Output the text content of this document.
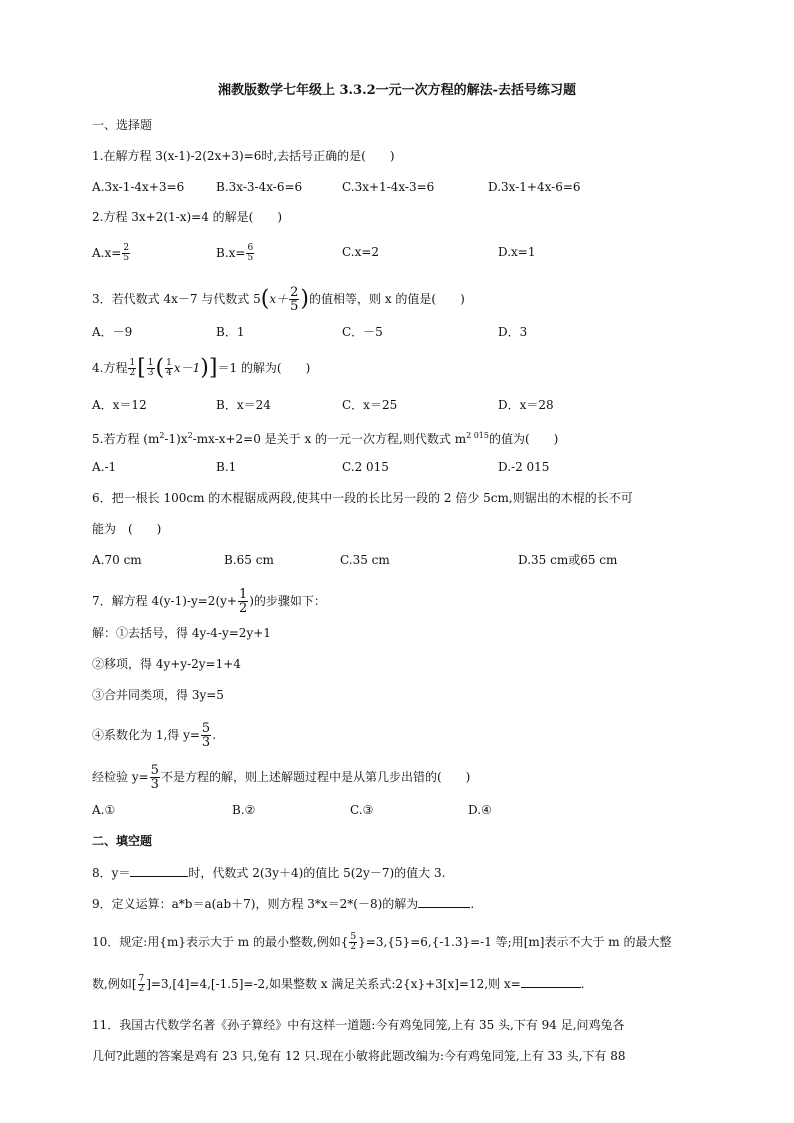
湘教版数学七年级上 3.3.2一元一次方程的解法-去括号练习题
一、选择题
1.在解方程 3(x-1)-2(2x+3)=6时,去括号正确的是(　　)
A.3x-1-4x+3=6	B.3x-3-4x-6=6	C.3x+1-4x-3=6	D.3x-1+4x-6=6
2.方程 3x+2(1-x)=4 的解是(　　)
$A.x= \frac{2}{5}$	$B.x= \frac{6}{5}$	C.x=2	D.x=1
3．若代数式 4x－7 与代数式 $5(x+ \frac{2}{5}$ )的值相等，则 x 的值是(　　)
A．－9	B．1	C．－5	D．3
4.方程 $\frac{1}{2}$ [ $\frac{1}{3}$ ( $\frac{1}{4} x-1)]=1$ 的解为(　　)
A．x＝12	B．x＝24	C．x＝25	D．x＝28
5.若方程 $(m^2-1)x^2-mx-x+2=0$ 是关于 x 的一元一次方程,则代数式 $m^{2 015}$的值为(　　)
A.-1	B.1	C.2 015	D.-2 015
6．把一根长 100cm 的木棍锯成两段,使其中一段的长比另一段的 2 倍少 5cm,则锯出的木棍的长不可
能为　(　　)
A.70 cm	B.65 cm	C.35 cm	D.35 cm或65 cm
7．解方程 $4(y-1)-y=2(y+ \frac{1}{2}$ )的步骤如下：
解：①去括号，得 4y-4-y=2y+1
②移项，得 4y+y-2y=1+4
③合并同类项，得 3y=5
④系数化为 1,得 $y= \frac{5}{3}$ .
经检验 $y= \frac{5}{3}$ 不是方程的解，则上述解题过程中是从第几步出错的(　　)
A.①	B.②	C.③	D.④
二、填空题
8．y＝	时，代数式 2(3y＋4)的值比 5(2y－7)的值大 3.
9．定义运算：a*b＝a(ab＋7)，则方程 3*x＝2*(－8)的解为	.
10．规定:用{m}表示大于 m 的最小整数,例如{ $\frac{5}{2} \}=3,\{5\}=6,\{-1.3\}=-1$ 等;用[m]表示不大于 m 的最大整
数,例如[ $\frac{7}{2} ]=3,[4]=4,[-1.5]=-2$,如果整数 x 满足关系式:2{x}+3[x]=12,则 x=	.
11．我国古代数学名著《孙子算经》中有这样一道题:今有鸡兔同笼,上有 35 头,下有 94 足,问鸡兔各
几何?此题的答案是鸡有 23 只,兔有 12 只.现在小敏将此题改编为:今有鸡兔同笼,上有 33 头,下有 88
